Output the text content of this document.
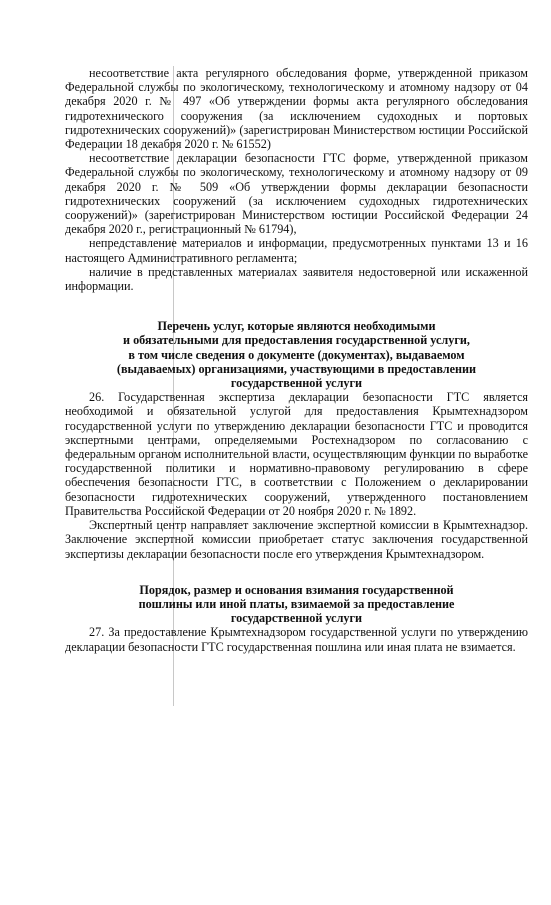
несоответствие акта регулярного обследования форме, утвержденной приказом Федеральной службы по экологическому, технологическому и атомному надзору от 04 декабря 2020 г. № 497 «Об утверждении формы акта регулярного обследования гидротехнического сооружения (за исключением судоходных и портовых гидротехнических сооружений)» (зарегистрирован Министерством юстиции Российской Федерации 18 декабря 2020 г. № 61552)

несоответствие декларации безопасности ГТС форме, утвержденной приказом Федеральной службы по экологическому, технологическому и атомному надзору от 09 декабря 2020 г. № 509 «Об утверждении формы декларации безопасности гидротехнических сооружений (за исключением судоходных гидротехнических сооружений)» (зарегистрирован Министерством юстиции Российской Федерации 24 декабря 2020 г., регистрационный № 61794),

непредставление материалов и информации, предусмотренных пунктами 13 и 16 настоящего Административного регламента;

наличие в представленных материалах заявителя недостоверной или искаженной информации.

Перечень услуг, которые являются необходимыми
и обязательными для предоставления государственной услуги,
в том числе сведения о документе (документах), выдаваемом
(выдаваемых) организациями, участвующими в предоставлении
государственной услуги

26. Государственная экспертиза декларации безопасности ГТС является необходимой и обязательной услугой для предоставления Крымтехнадзором государственной услуги по утверждению декларации безопасности ГТС и проводится экспертными центрами, определяемыми Ростехнадзором по согласованию с федеральным органом исполнительной власти, осуществляющим функции по выработке государственной политики и нормативно-правовому регулированию в сфере обеспечения безопасности ГТС, в соответствии с Положением о декларировании безопасности гидротехнических сооружений, утвержденного постановлением Правительства Российской Федерации от 20 ноября 2020 г. № 1892.

Экспертный центр направляет заключение экспертной комиссии в Крымтехнадзор. Заключение экспертной комиссии приобретает статус заключения государственной экспертизы декларации безопасности после его утверждения Крымтехнадзором.

Порядок, размер и основания взимания государственной
пошлины или иной платы, взимаемой за предоставление
государственной услуги

27. За предоставление Крымтехнадзором государственной услуги по утверждению декларации безопасности ГТС государственная пошлина или иная плата не взимается.
